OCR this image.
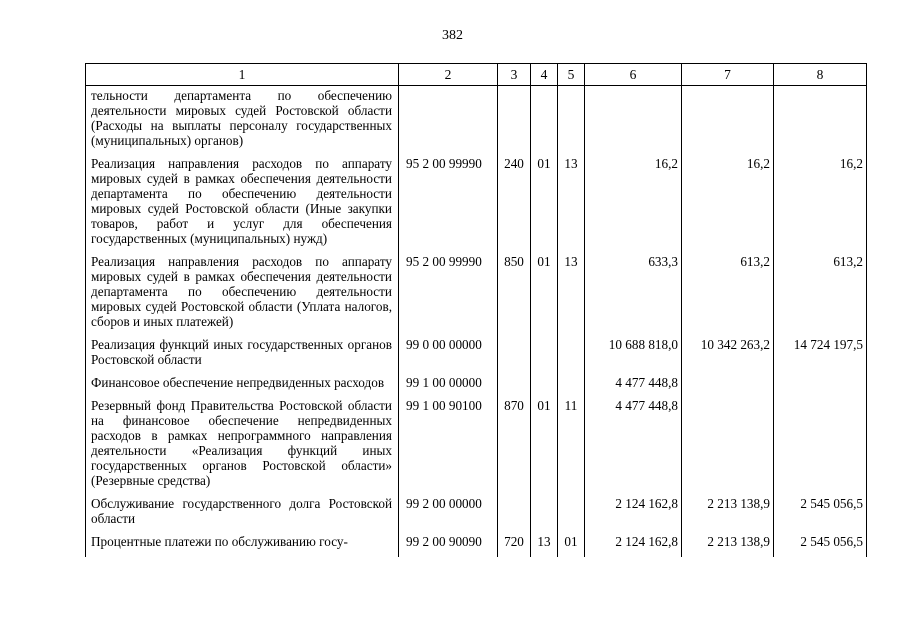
382
1	2	3	4	5	6	7	8
тельности департамента по обеспечению деятельности мировых судей Ростовской области (Расходы на выплаты персоналу государственных (муниципальных) органов)							
Реализация направления расходов по аппарату мировых судей в рамках обеспечения деятельности департамента по обеспечению деятельности мировых судей Ростовской области (Иные закупки товаров, работ и услуг для обеспечения государственных (муниципальных) нужд)	95 2 00 99990	240	01	13	16,2	16,2	16,2
Реализация направления расходов по аппарату мировых судей в рамках обеспечения деятельности департамента по обеспечению деятельности мировых судей Ростовской области (Уплата налогов, сборов и иных платежей)	95 2 00 99990	850	01	13	633,3	613,2	613,2
Реализация функций иных государственных органов Ростовской области	99 0 00 00000				10 688 818,0	10 342 263,2	14 724 197,5
Финансовое обеспечение непредвиденных расходов	99 1 00 00000				4 477 448,8		
Резервный фонд Правительства Ростовской области на финансовое обеспечение непредвиденных расходов в рамках непрограммного направления деятельности «Реализация функций иных государственных органов Ростовской области» (Резервные средства)	99 1 00 90100	870	01	11	4 477 448,8		
Обслуживание государственного долга Ростовской области	99 2 00 00000				2 124 162,8	2 213 138,9	2 545 056,5
Процентные платежи по обслуживанию госу-	99 2 00 90090	720	13	01	2 124 162,8	2 213 138,9	2 545 056,5
